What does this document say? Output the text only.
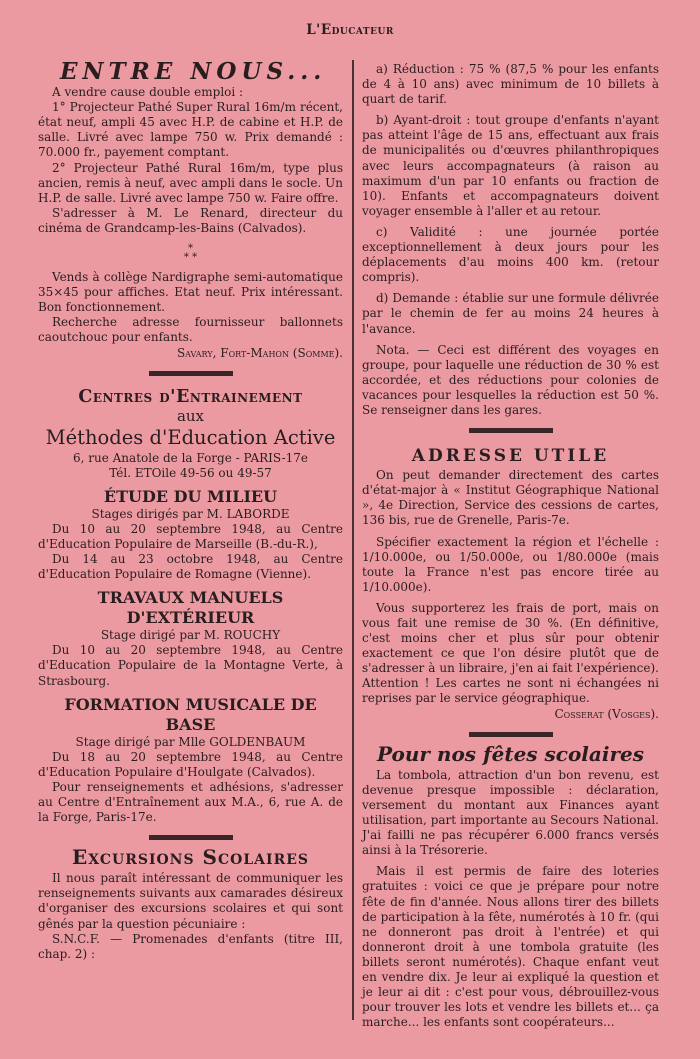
L'Educateur
ENTRE NOUS...

A vendre cause double emploi :

1° Projecteur Pathé Super Rural 16m/m récent, état neuf, ampli 45 avec H.P. de cabine et H.P. de salle. Livré avec lampe 750 w. Prix demandé : 70.000 fr., payement comptant.

2° Projecteur Pathé Rural 16m/m, type plus ancien, remis à neuf, avec ampli dans le socle. Un H.P. de salle. Livré avec lampe 750 w. Faire offre.

S'adresser à M. Le Renard, directeur du cinéma de Grandcamp-les-Bains (Calvados).

*
* *

Vends à collège Nardigraphe semi-automatique 35×45 pour affiches. Etat neuf. Prix intéressant. Bon fonctionnement.

Recherche adresse fournisseur ballonnets caoutchouc pour enfants.

Savary, Fort-Mahon (Somme).

Centres d'Entrainement
aux
Méthodes d'Education Active

6, rue Anatole de la Forge - PARIS-17e

Tél. ETOile 49-56 ou 49-57

ÉTUDE DU MILIEU

Stages dirigés par M. LABORDE

Du 10 au 20 septembre 1948, au Centre d'Education Populaire de Marseille (B.-du-R.),

Du 14 au 23 octobre 1948, au Centre d'Education Populaire de Romagne (Vienne).

TRAVAUX MANUELS D'EXTÉRIEUR

Stage dirigé par M. ROUCHY

Du 10 au 20 septembre 1948, au Centre d'Education Populaire de la Montagne Verte, à Strasbourg.

FORMATION MUSICALE DE BASE

Stage dirigé par Mlle GOLDENBAUM

Du 18 au 20 septembre 1948, au Centre d'Education Populaire d'Houlgate (Calvados).

Pour renseignements et adhésions, s'adresser au Centre d'Entraînement aux M.A., 6, rue A. de la Forge, Paris-17e.

Excursions Scolaires

Il nous paraît intéressant de communiquer les renseignements suivants aux camarades désireux d'organiser des excursions scolaires et qui sont gênés par la question pécuniaire :

S.N.C.F. — Promenades d'enfants (titre III, chap. 2) :

a) Réduction : 75 % (87,5 % pour les enfants de 4 à 10 ans) avec minimum de 10 billets à quart de tarif.

b) Ayant-droit : tout groupe d'enfants n'ayant pas atteint l'âge de 15 ans, effectuant aux frais de municipalités ou d'œuvres philanthropiques avec leurs accompagnateurs (à raison au maximum d'un par 10 enfants ou fraction de 10). Enfants et accompagnateurs doivent voyager ensemble à l'aller et au retour.

c) Validité : une journée portée exceptionnellement à deux jours pour les déplacements d'au moins 400 km. (retour compris).

d) Demande : établie sur une formule délivrée par le chemin de fer au moins 24 heures à l'avance.

Nota. — Ceci est différent des voyages en groupe, pour laquelle une réduction de 30 % est accordée, et des réductions pour colonies de vacances pour lesquelles la réduction est 50 %. Se renseigner dans les gares.

ADRESSE UTILE

On peut demander directement des cartes d'état-major à « Institut Géographique National », 4e Direction, Service des cessions de cartes, 136 bis, rue de Grenelle, Paris-7e.

Spécifier exactement la région et l'échelle : 1/10.000e, ou 1/50.000e, ou 1/80.000e (mais toute la France n'est pas encore tirée au 1/10.000e).

Vous supporterez les frais de port, mais on vous fait une remise de 30 %. (En définitive, c'est moins cher et plus sûr pour obtenir exactement ce que l'on désire plutôt que de s'adresser à un libraire, j'en ai fait l'expérience). Attention ! Les cartes ne sont ni échangées ni reprises par le service géographique.

Cosserat (Vosges).

Pour nos fêtes scolaires

La tombola, attraction d'un bon revenu, est devenue presque impossible : déclaration, versement du montant aux Finances ayant utilisation, part importante au Secours National. J'ai failli ne pas récupérer 6.000 francs versés ainsi à la Trésorerie.

Mais il est permis de faire des loteries gratuites : voici ce que je prépare pour notre fête de fin d'année. Nous allons tirer des billets de participation à la fête, numérotés à 10 fr. (qui ne donneront pas droit à l'entrée) et qui donneront droit à une tombola gratuite (les billets seront numérotés). Chaque enfant veut en vendre dix. Je leur ai expliqué la question et je leur ai dit : c'est pour vous, débrouillez-vous pour trouver les lots et vendre les billets et... ça marche... les enfants sont coopérateurs...
